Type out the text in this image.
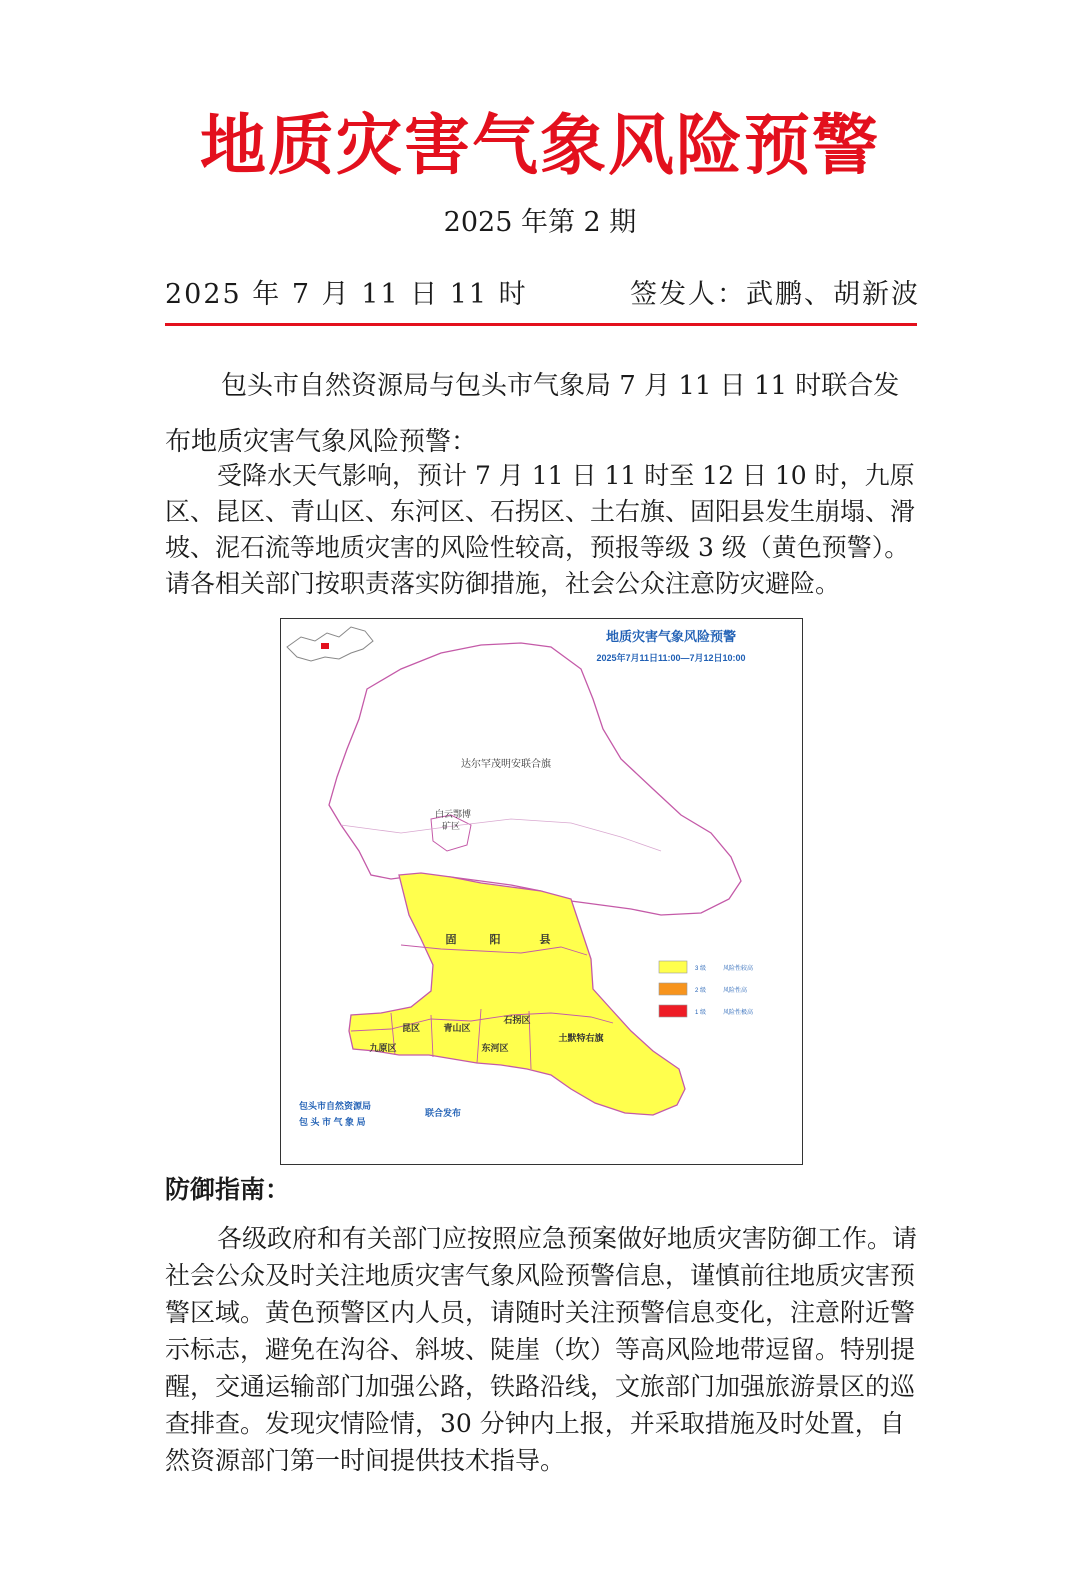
地质灾害气象风险预警
2025 年第 2 期
2025 年 7 月 11 日 11 时	签发人：武鹏、胡新波
包头市自然资源局与包头市气象局 7 月 11 日 11 时联合发布地质灾害气象风险预警：
受降水天气影响，预计 7 月 11 日 11 时至 12 日 10 时，九原区、昆区、青山区、东河区、石拐区、土右旗、固阳县发生崩塌、滑坡、泥石流等地质灾害的风险性较高，预报等级 3 级（黄色预警）。请各相关部门按职责落实防御措施，社会公众注意防灾避险。
地质灾害气象风险预警
2025年7月11日11:00—7月12日10:00
达尔罕茂明安联合旗
白云鄂博
矿区
固	阳	县
昆区	青山区
石拐区
九原区	东河区
土默特右旗
3 级	风险性较高
2 级	风险性高
1 级	风险性极高
包头市自然资源局
包 头 市 气 象 局
联合发布
防御指南：
各级政府和有关部门应按照应急预案做好地质灾害防御工作。请社会公众及时关注地质灾害气象风险预警信息，谨慎前往地质灾害预警区域。黄色预警区内人员，请随时关注预警信息变化，注意附近警示标志，避免在沟谷、斜坡、陡崖（坎）等高风险地带逗留。特别提醒，交通运输部门加强公路，铁路沿线，文旅部门加强旅游景区的巡查排查。发现灾情险情，30 分钟内上报，并采取措施及时处置，自然资源部门第一时间提供技术指导。
